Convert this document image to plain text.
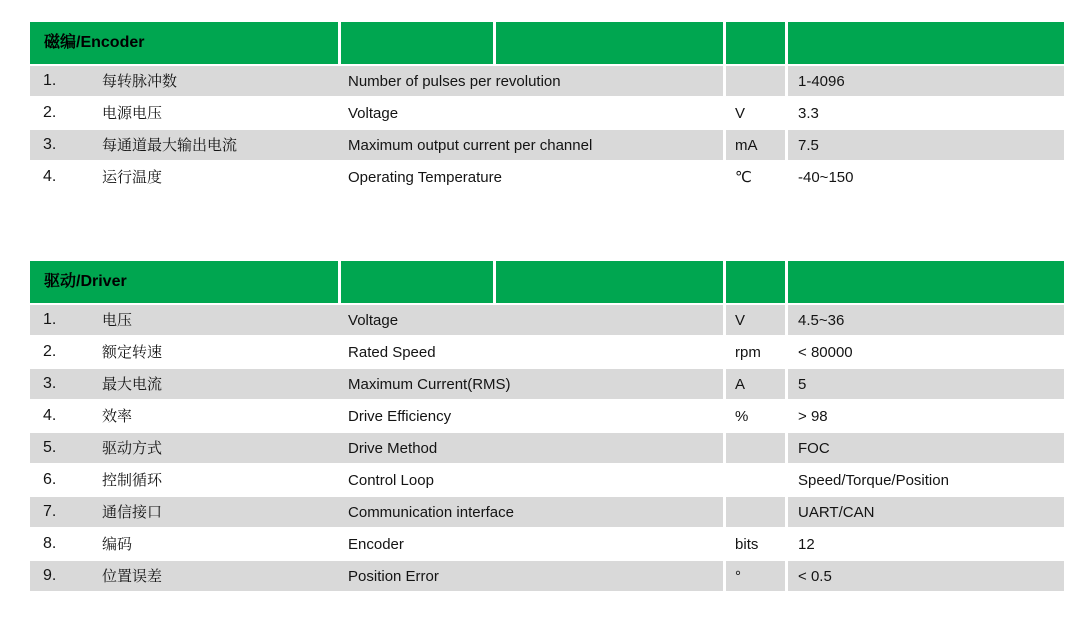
磁编/Encoder					
1.	每转脉冲数	Number of pulses per revolution			1-4096
2.	电源电压	Voltage		V	3.3
3.	每通道最大输出电流	Maximum output current per channel		mA	7.5
4.	运行温度	Operating Temperature		℃	-40~150
驱动/Driver					
1.	电压	Voltage		V	4.5~36
2.	额定转速	Rated Speed		rpm	< 80000
3.	最大电流	Maximum Current(RMS)		A	5
4.	效率	Drive Efficiency		%	> 98
5.	驱动方式	Drive Method			FOC
6.	控制循环	Control Loop			Speed/Torque/Position
7.	通信接口	Communication interface			UART/CAN
8.	编码	Encoder		bits	12
9.	位置误差	Position Error		°	< 0.5
